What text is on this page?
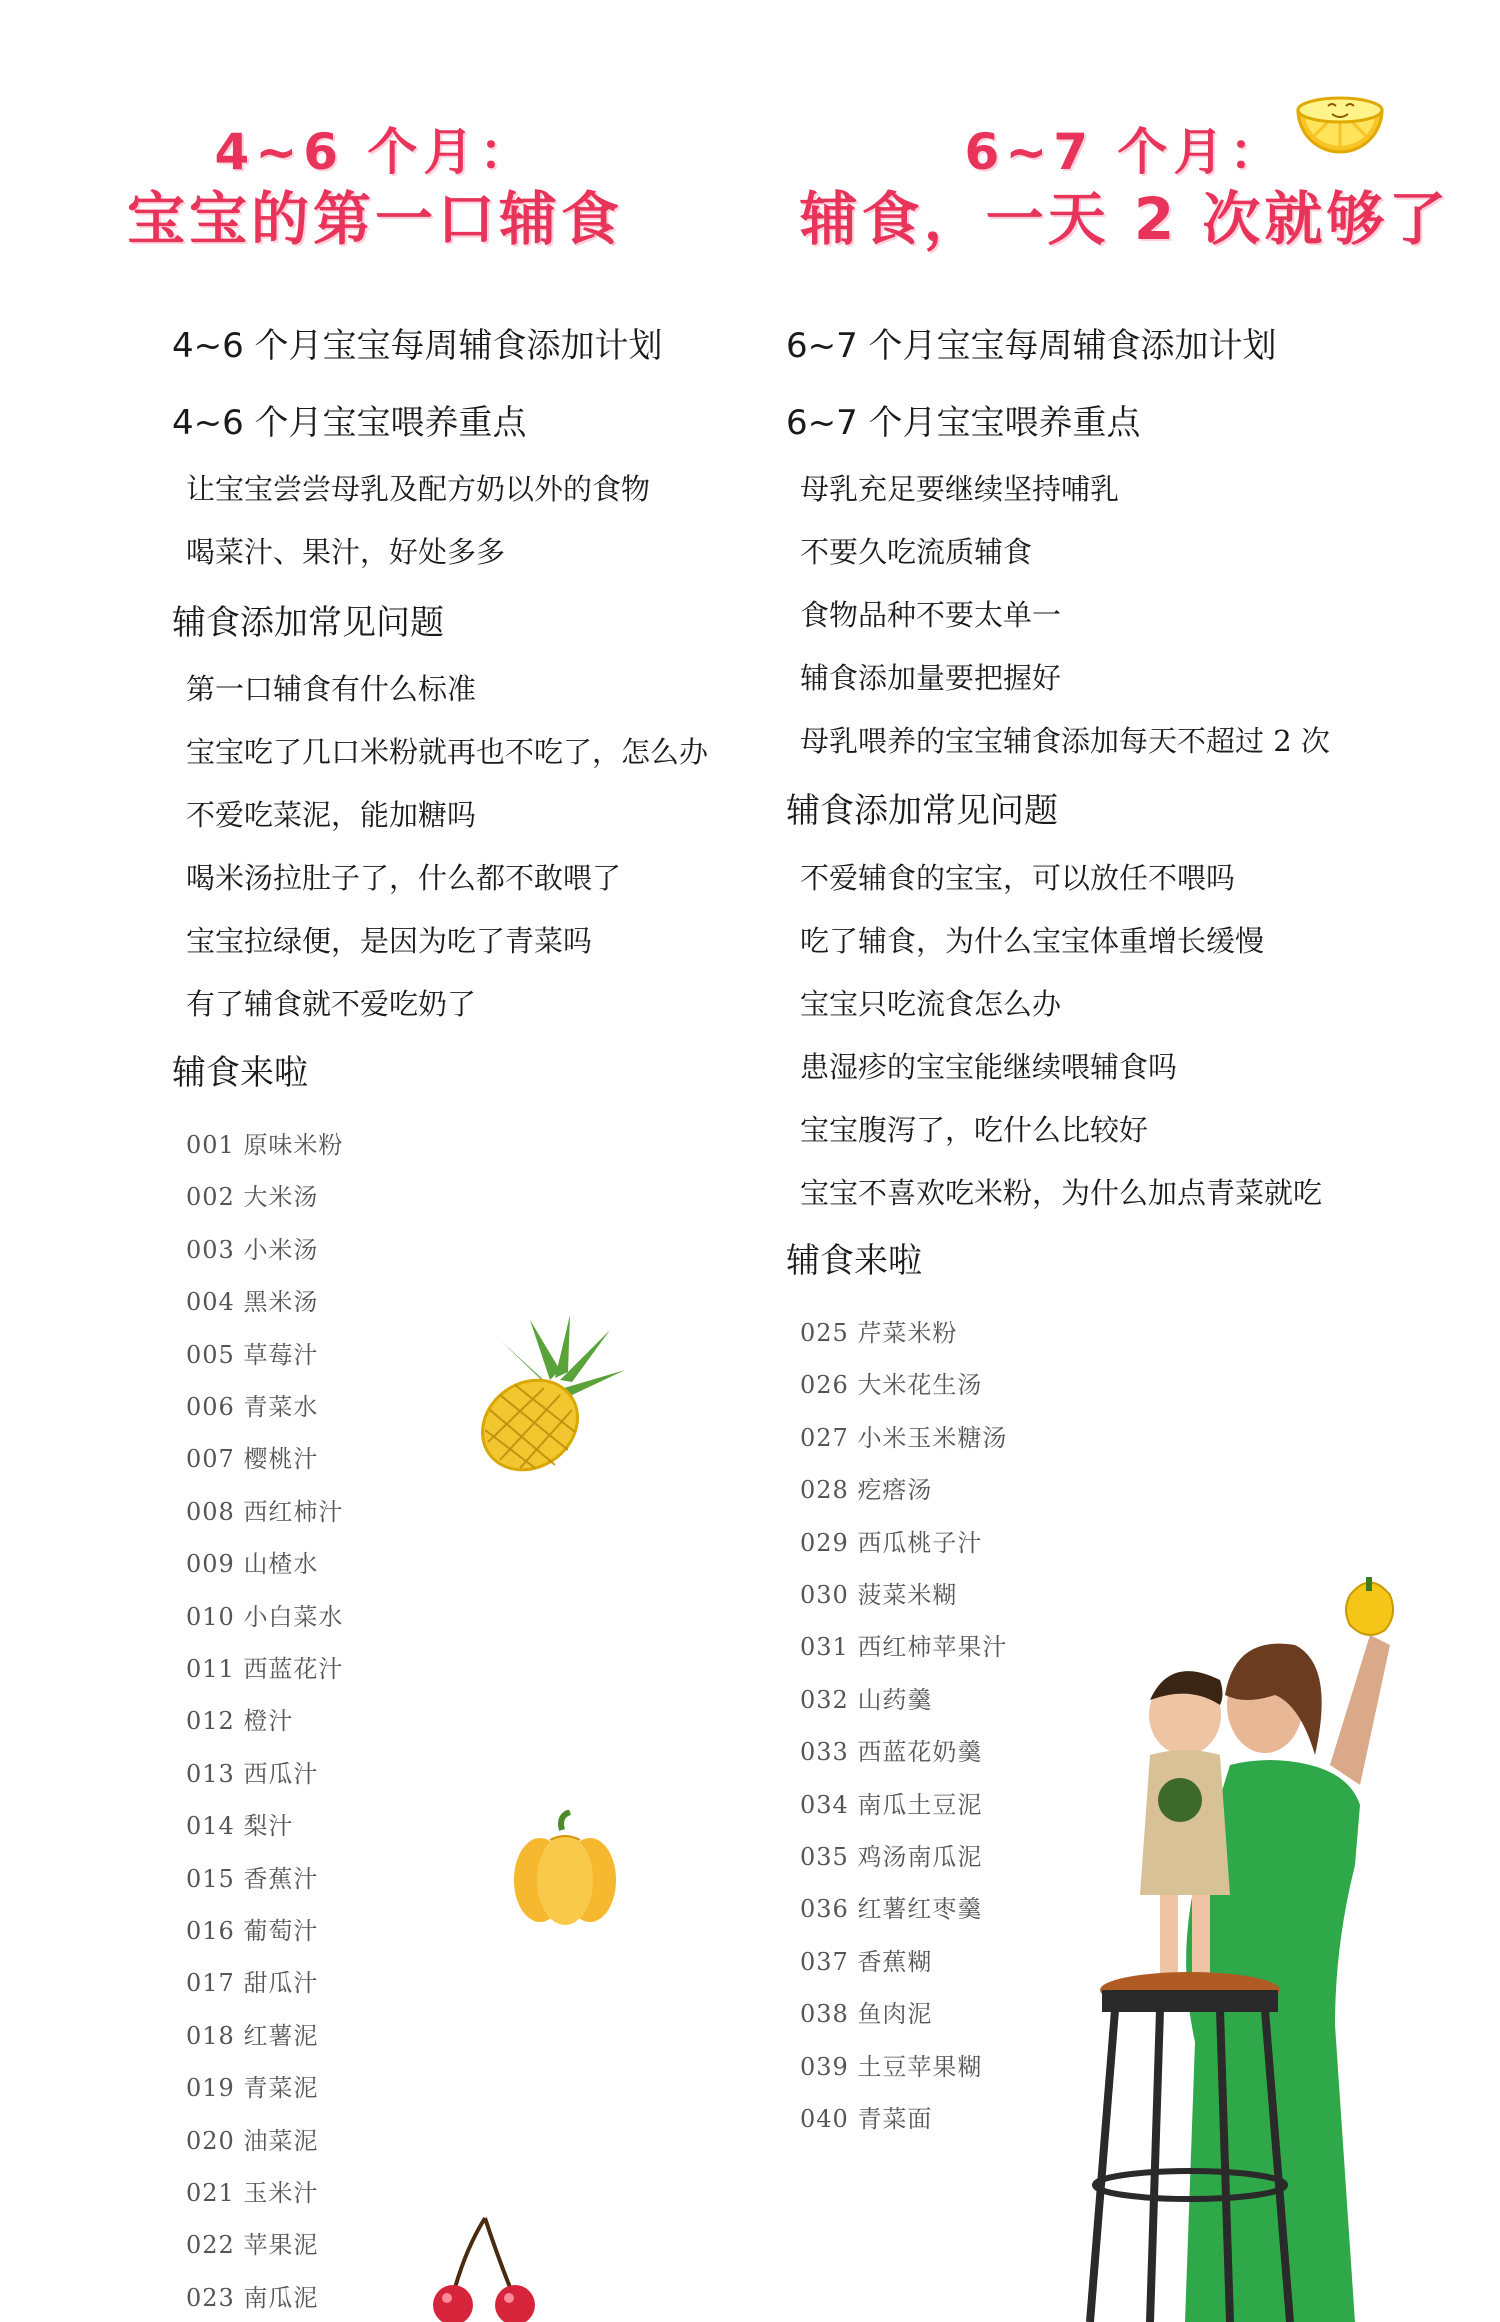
4~6 个月：
宝宝的第一口辅食
4~6 个月宝宝每周辅食添加计划
4~6 个月宝宝喂养重点
让宝宝尝尝母乳及配方奶以外的食物
喝菜汁、果汁，好处多多
辅食添加常见问题
第一口辅食有什么标准
宝宝吃了几口米粉就再也不吃了，怎么办
不爱吃菜泥，能加糖吗
喝米汤拉肚子了，什么都不敢喂了
宝宝拉绿便，是因为吃了青菜吗
有了辅食就不爱吃奶了
辅食来啦
001 原味米粉
002 大米汤
003 小米汤
004 黑米汤
005 草莓汁
006 青菜水
007 樱桃汁
008 西红柿汁
009 山楂水
010 小白菜水
011 西蓝花汁
012 橙汁
013 西瓜汁
014 梨汁
015 香蕉汁
016 葡萄汁
017 甜瓜汁
018 红薯泥
019 青菜泥
020 油菜泥
021 玉米汁
022 苹果泥
023 南瓜泥
6~7 个月：
辅食，一天 2 次就够了
6~7 个月宝宝每周辅食添加计划
6~7 个月宝宝喂养重点
母乳充足要继续坚持哺乳
不要久吃流质辅食
食物品种不要太单一
辅食添加量要把握好
母乳喂养的宝宝辅食添加每天不超过 2 次
辅食添加常见问题
不爱辅食的宝宝，可以放任不喂吗
吃了辅食，为什么宝宝体重增长缓慢
宝宝只吃流食怎么办
患湿疹的宝宝能继续喂辅食吗
宝宝腹泻了，吃什么比较好
宝宝不喜欢吃米粉，为什么加点青菜就吃
辅食来啦
025 芹菜米粉
026 大米花生汤
027 小米玉米糖汤
028 疙瘩汤
029 西瓜桃子汁
030 菠菜米糊
031 西红柿苹果汁
032 山药羹
033 西蓝花奶羹
034 南瓜土豆泥
035 鸡汤南瓜泥
036 红薯红枣羹
037 香蕉糊
038 鱼肉泥
039 土豆苹果糊
040 青菜面
